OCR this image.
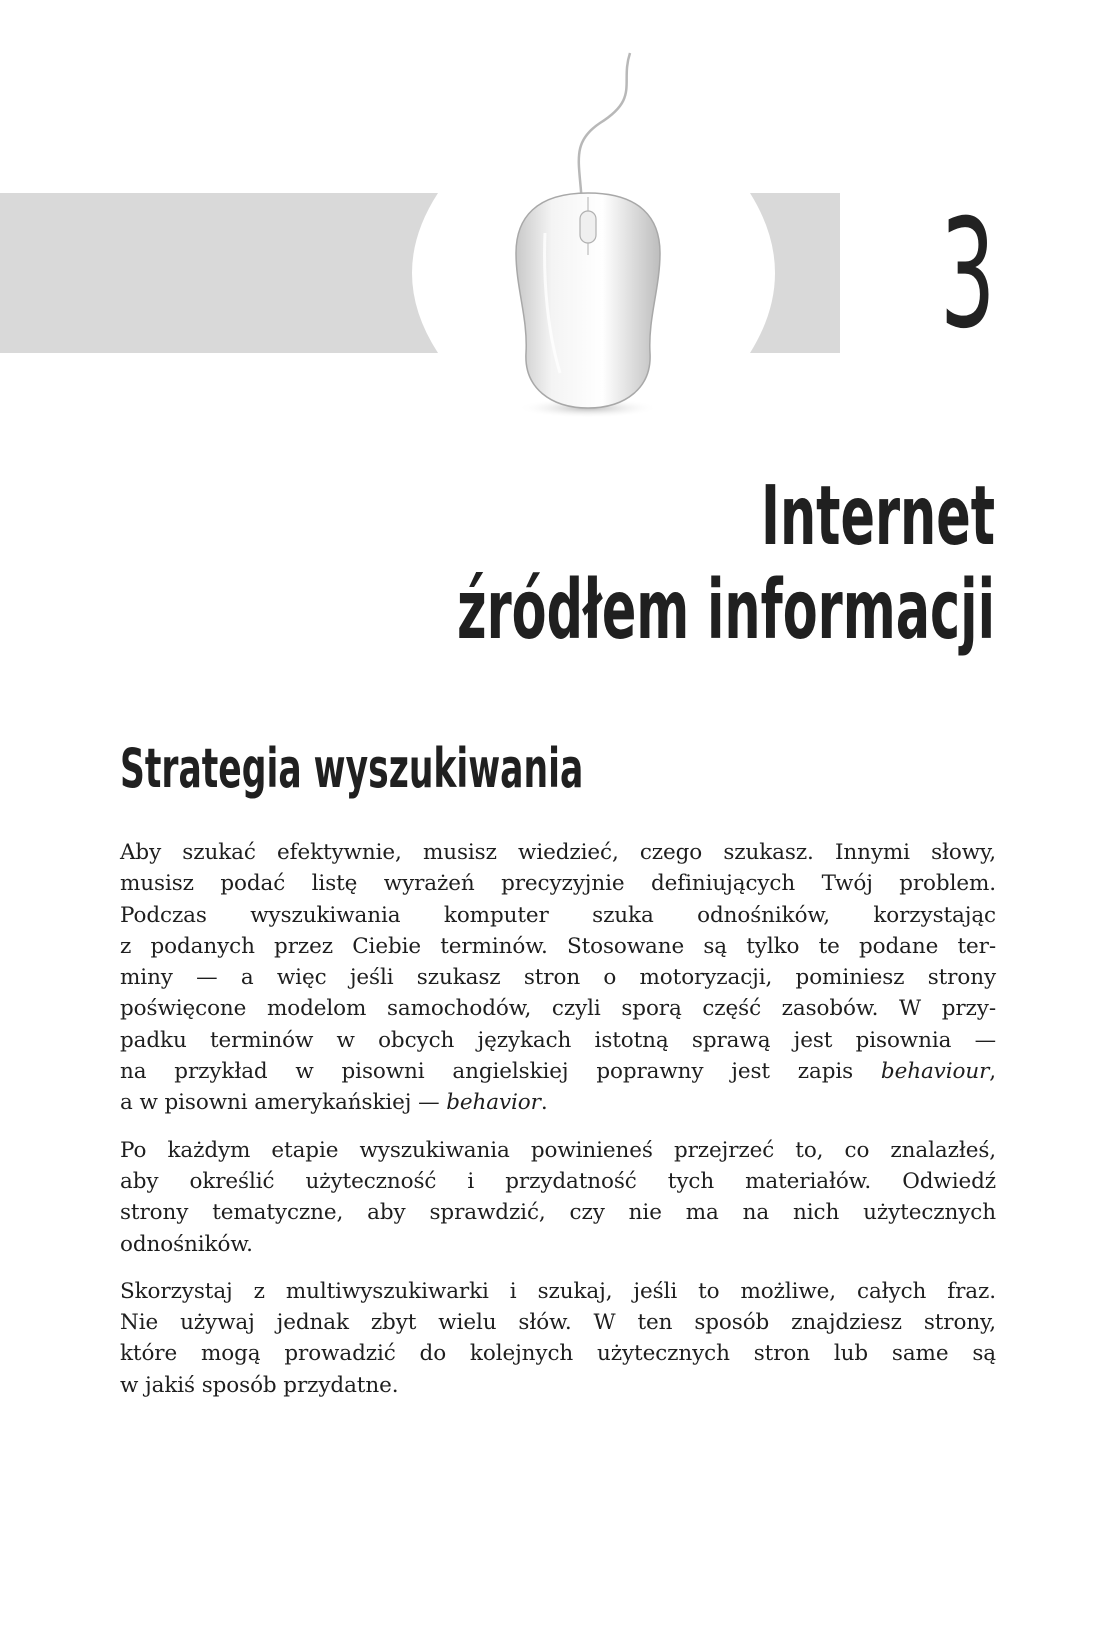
3
Internet
źródłem informacji
Strategia wyszukiwania

Aby szukać efektywnie, musisz wiedzieć, czego szukasz. Innymi słowy,
musisz podać listę wyrażeń precyzyjnie definiujących Twój problem.
Podczas wyszukiwania komputer szuka odnośników, korzystając
z podanych przez Ciebie terminów. Stosowane są tylko te podane ter-
miny — a więc jeśli szukasz stron o motoryzacji, pominiesz strony
poświęcone modelom samochodów, czyli sporą część zasobów. W przy-
padku terminów w obcych językach istotną sprawą jest pisownia —
na przykład w pisowni angielskiej poprawny jest zapis behaviour,
a w pisowni amerykańskiej — behavior.

Po każdym etapie wyszukiwania powinieneś przejrzeć to, co znalazłeś,
aby określić użyteczność i przydatność tych materiałów. Odwiedź
strony tematyczne, aby sprawdzić, czy nie ma na nich użytecznych
odnośników.

Skorzystaj z multiwyszukiwarki i szukaj, jeśli to możliwe, całych fraz.
Nie używaj jednak zbyt wielu słów. W ten sposób znajdziesz strony,
które mogą prowadzić do kolejnych użytecznych stron lub same są
w jakiś sposób przydatne.
